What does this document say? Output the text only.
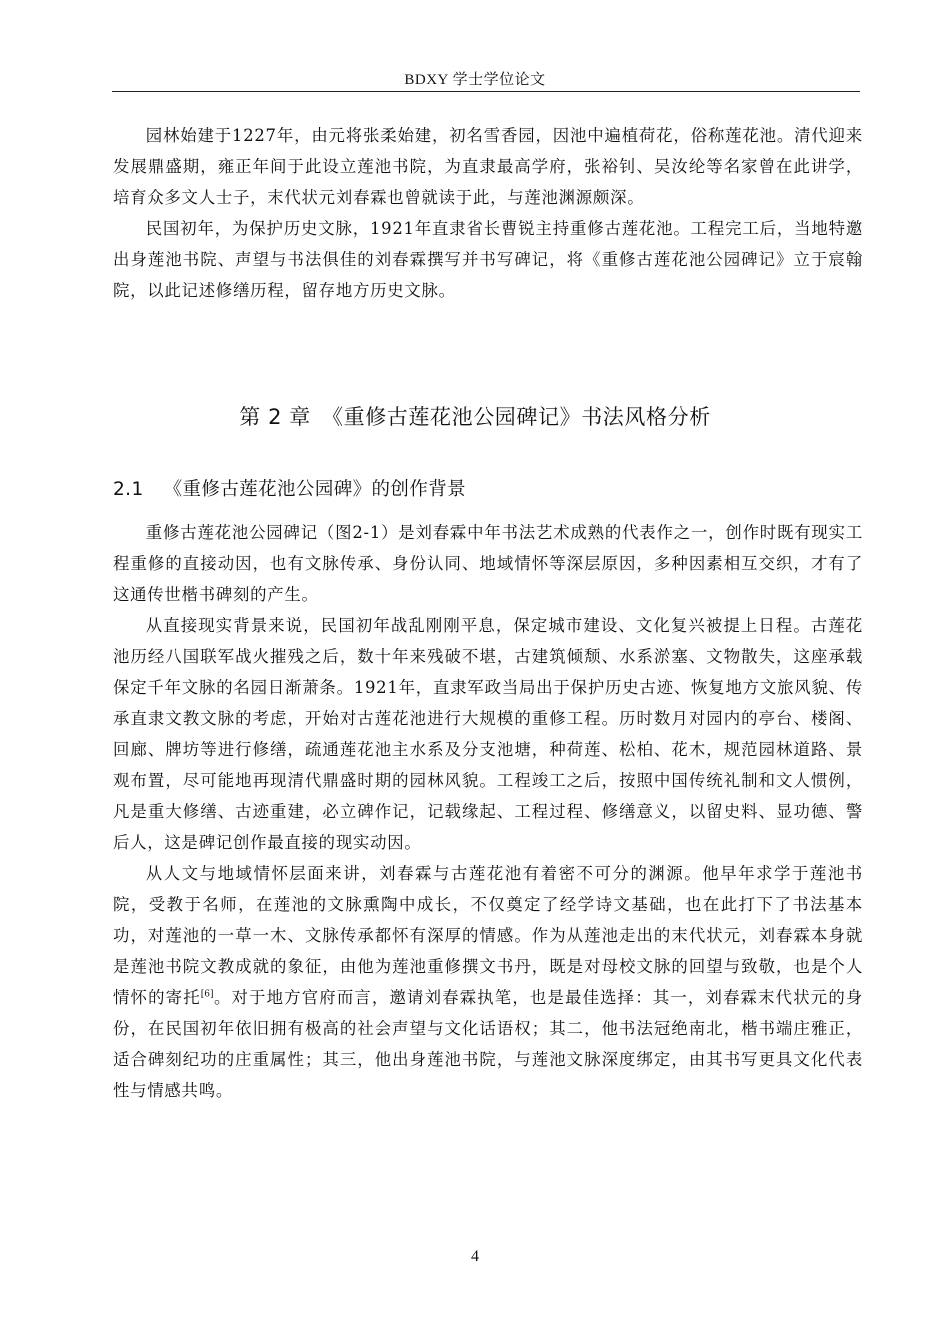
BDXY 学士学位论文

园林始建于1227年，由元将张柔始建，初名雪香园，因池中遍植荷花，俗称莲花池。清代迎来发展鼎盛期，雍正年间于此设立莲池书院，为直隶最高学府，张裕钊、吴汝纶等名家曾在此讲学，培育众多文人士子，末代状元刘春霖也曾就读于此，与莲池渊源颇深。

民国初年，为保护历史文脉，1921年直隶省长曹锐主持重修古莲花池。工程完工后，当地特邀出身莲池书院、声望与书法俱佳的刘春霖撰写并书写碑记，将《重修古莲花池公园碑记》立于宸翰院，以此记述修缮历程，留存地方历史文脉。

第 2 章　《重修古莲花池公园碑记》书法风格分析
2.1 《重修古莲花池公园碑》的创作背景

重修古莲花池公园碑记（图2-1）是刘春霖中年书法艺术成熟的代表作之一，创作时既有现实工程重修的直接动因，也有文脉传承、身份认同、地域情怀等深层原因，多种因素相互交织，才有了这通传世楷书碑刻的产生。

从直接现实背景来说，民国初年战乱刚刚平息，保定城市建设、文化复兴被提上日程。古莲花池历经八国联军战火摧残之后，数十年来残破不堪，古建筑倾颓、水系淤塞、文物散失，这座承载保定千年文脉的名园日渐萧条。1921年，直隶军政当局出于保护历史古迹、恢复地方文旅风貌、传承直隶文教文脉的考虑，开始对古莲花池进行大规模的重修工程。历时数月对园内的亭台、楼阁、回廊、牌坊等进行修缮，疏通莲花池主水系及分支池塘，种荷莲、松柏、花木，规范园林道路、景观布置，尽可能地再现清代鼎盛时期的园林风貌。工程竣工之后，按照中国传统礼制和文人惯例，凡是重大修缮、古迹重建，必立碑作记，记载缘起、工程过程、修缮意义，以留史料、显功德、警后人，这是碑记创作最直接的现实动因。

从人文与地域情怀层面来讲，刘春霖与古莲花池有着密不可分的渊源。他早年求学于莲池书院，受教于名师，在莲池的文脉熏陶中成长，不仅奠定了经学诗文基础，也在此打下了书法基本功，对莲池的一草一木、文脉传承都怀有深厚的情感。作为从莲池走出的末代状元，刘春霖本身就是莲池书院文教成就的象征，由他为莲池重修撰文书丹，既是对母校文脉的回望与致敬，也是个人情怀的寄托[6]。对于地方官府而言，邀请刘春霖执笔，也是最佳选择：其一，刘春霖末代状元的身份，在民国初年依旧拥有极高的社会声望与文化话语权；其二，他书法冠绝南北，楷书端庄雅正，适合碑刻纪功的庄重属性；其三，他出身莲池书院，与莲池文脉深度绑定，由其书写更具文化代表性与情感共鸣。

4
